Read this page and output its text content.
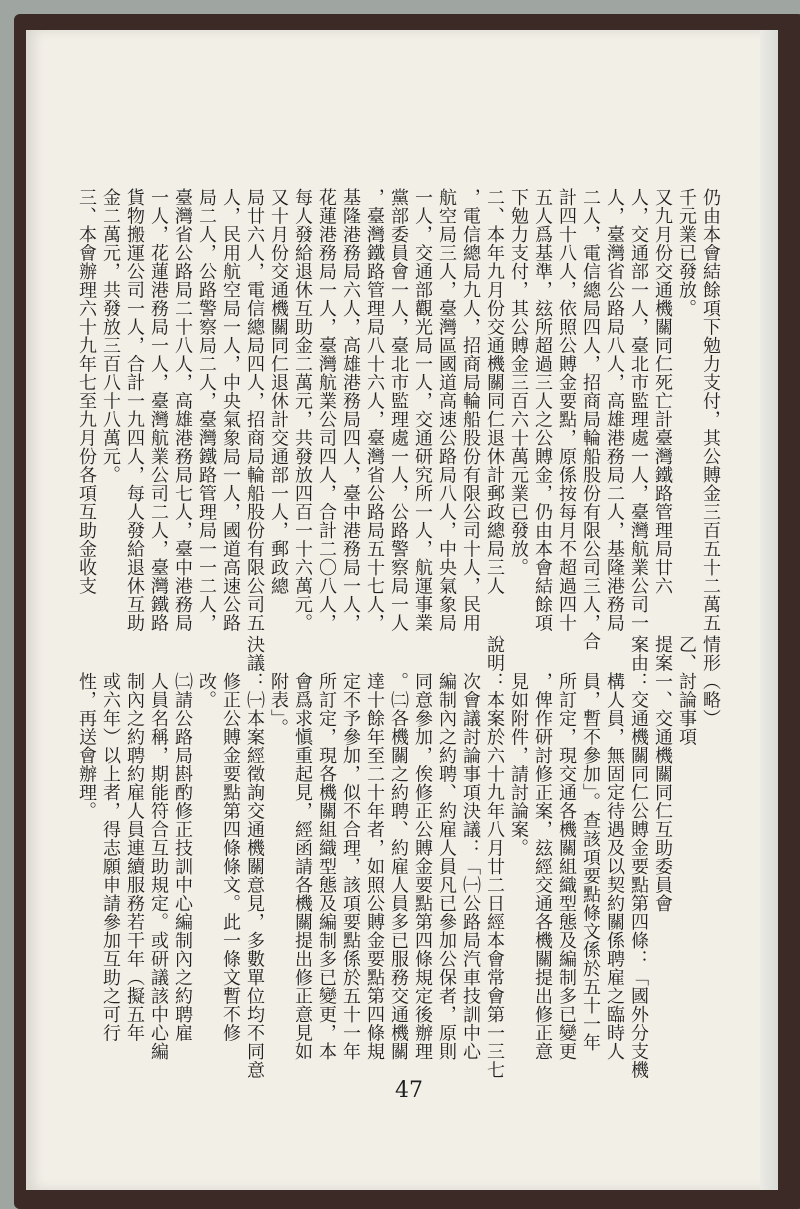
仍由本會結餘項下勉力支付，其公賻金三百五十二萬五
千元業已發放。
又九月份交通機關同仁死亡計臺灣鐵路管理局廿六
人，交通部一人，臺北市監理處一人，臺灣航業公司一
人，臺灣省公路局八人，高雄港務局二人，基隆港務局
二人，電信總局四人，招商局輪船股份有限公司三人，合
計四十八人，依照公賻金要點，原係按每月不超過四十
五人爲基準，玆所超過三人之公賻金，仍由本會結餘項
下勉力支付，其公賻金三百六十萬元業已發放。
二、本年九月份交通機關同仁退休計郵政總局三人
，電信總局九人，招商局輪船股份有限公司十人，民用
航空局三人，臺灣區國道高速公路局八人，中央氣象局
一人，交通部觀光局一人，交通研究所一人，航運事業
黨部委員會一人，臺北市監理處一人，公路警察局一人
，臺灣鐵路管理局八十六人，臺灣省公路局五十七人，
基隆港務局六人，高雄港務局四人，臺中港務局一人，
花蓮港務局一人，臺灣航業公司四人，合計二〇八人，
每人發給退休互助金二萬元，共發放四百一十六萬元。
又十月份交通機關同仁退休計交通部一人，郵政總
局廿六人，電信總局四人，招商局輪船股份有限公司五
人，民用航空局一人，中央氣象局一人，國道高速公路
局二人，公路警察局二人，臺灣鐵路管理局一一二人，
臺灣省公路局二十八人，高雄港務局七人，臺中港務局
一人，花蓮港務局一人，臺灣航業公司二人，臺灣鐵路
貨物搬運公司一人，合計一九四人，每人發給退休互助
金二萬元，共發放三百八十八萬元。
三、本會辦理六十九年七至九月份各項互助金收支
情形（略）
乙、討論事項
提案一、交通機關同仁互助委員會
案由：交通機關同仁公賻金要點第四條：「國外分支機
　　構人員，無固定待遇及以契約關係聘雇之臨時人
　　員，暫不參加」。查該項要點條文係於五十一年
　　所訂定，現交通各機關組織型態及編制多已變更
　　，俾作研討修正案，玆經交通各機關提出修正意
　　見如附件，請討論案。
說明：本案於六十九年八月廿二日經本會常會第一三七
　　次會議討論事項決議：「㈠公路局汽車技訓中心
　　編制內之約聘、約雇人員凡已參加公保者，原則
　　同意參加，俟修正公賻金要點第四條規定後辦理
　　。㈡各機關之約聘、約雇人員多已服務交通機關
　　達十餘年至二十年者，如照公賻金要點第四條規
　　定不予參加，似不合理，該項要點係於五十一年
　　所訂定，現各機關組織型態及編制多已變更，本
　　會爲求愼重起見，經函請各機關提出修正意見如
　　附表」。
決議：㈠本案經徵詢交通機關意見，多數單位均不同意
　　修正公賻金要點第四條條文。此一條文暫不修
　　改。
　　㈡請公路局斟酌修正技訓中心編制內之約聘雇
　　人員名稱，期能符合互助規定。或研議該中心編
　　制內之約聘約雇人員連續服務若干年（擬五年
　　或六年）以上者，得志願申請參加互助之可行
　　性，再送會辦理。
47
